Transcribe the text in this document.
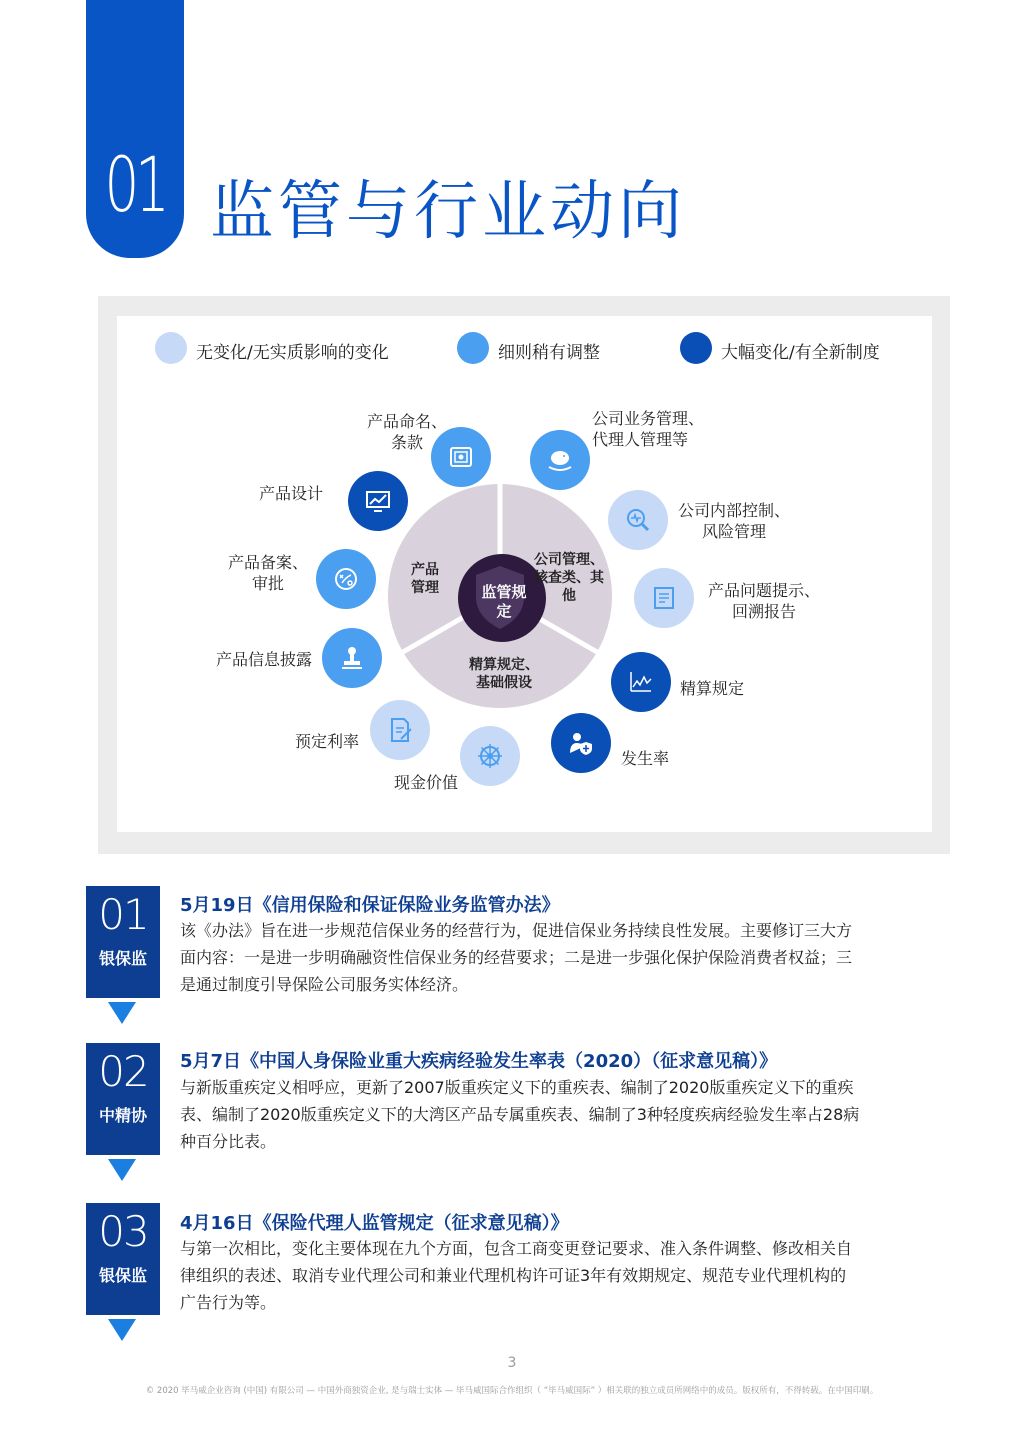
01 监管与行业动向
无变化/无实质影响的变化	细则稍有调整	大幅变化/有全新制度
监管规定
产品管理
公司管理、核查类、其他
精算规定、基础假设
产品命名、条款
公司业务管理、代理人管理等
产品设计
公司内部控制、风险管理
产品备案、审批	产品问题提示、回溯报告
产品信息披露
精算规定
预定利率
发生率
现金价值
01
银保监
5月19日《信用保险和保证保险业务监管办法》
该《办法》旨在进一步规范信保业务的经营行为，促进信保业务持续良性发展。主要修订三大方
面内容：一是进一步明确融资性信保业务的经营要求；二是进一步强化保护保险消费者权益；三
是通过制度引导保险公司服务实体经济。
02
中精协
5月7日《中国人身保险业重大疾病经验发生率表（2020）（征求意见稿）》
与新版重疾定义相呼应，更新了2007版重疾定义下的重疾表、编制了2020版重疾定义下的重疾
表、编制了2020版重疾定义下的大湾区产品专属重疾表、编制了3种轻度疾病经验发生率占28病
种百分比表。
03
银保监
4月16日《保险代理人监管规定（征求意见稿）》
与第一次相比，变化主要体现在九个方面，包含工商变更登记要求、准入条件调整、修改相关自
律组织的表述、取消专业代理公司和兼业代理机构许可证3年有效期规定、规范专业代理机构的
广告行为等。
3
© 2020 毕马威企业咨询 (中国) 有限公司 — 中国外商独资企业, 是与瑞士实体 — 毕马威国际合作组织（ “毕马威国际” ）相关联的独立成员所网络中的成员。版权所有，不得转载。在中国印刷。
